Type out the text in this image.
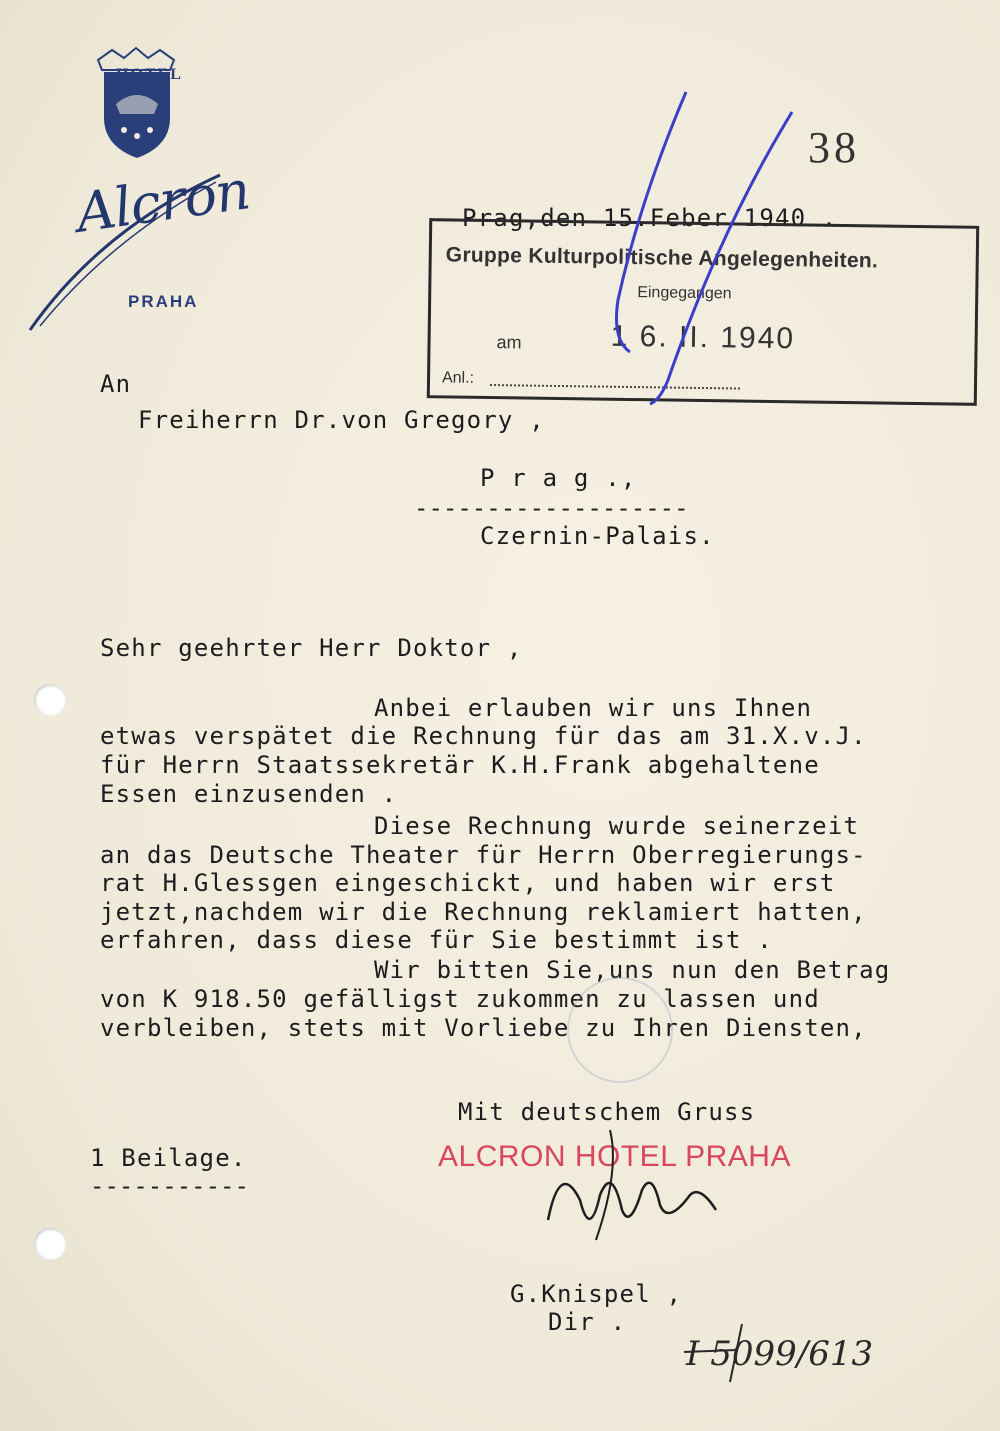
HOTEL
Alcron
PRAHA
38
Prag,den 15.Feber 1940 .
Gruppe Kulturpolitische Angelegenheiten.
Eingegangen
am	1 6. II. 1940
Anl.:
An
Freiherrn Dr.von Gregory ,
P r a g .,
-------------------
Czernin-Palais.
Sehr geehrter Herr Doktor ,
Anbei erlauben wir uns Ihnen
etwas verspätet die Rechnung für das am 31.X.v.J.
für Herrn Staatssekretär K.H.Frank abgehaltene
Essen einzusenden .
Diese Rechnung wurde seinerzeit
an das Deutsche Theater für Herrn Oberregierungs-
rat H.Glessgen eingeschickt, und haben wir erst
jetzt,nachdem wir die Rechnung reklamiert hatten,
erfahren, dass diese für Sie bestimmt ist .
Wir bitten Sie,uns nun den Betrag
von K 918.50 gefälligst zukommen zu lassen und
verbleiben, stets mit Vorliebe zu Ihren Diensten,
Mit deutschem Gruss
1 Beilage.
-----------
ALCRON HOTEL PRAHA
G.Knispel ,
Dir .
I 5099/613
